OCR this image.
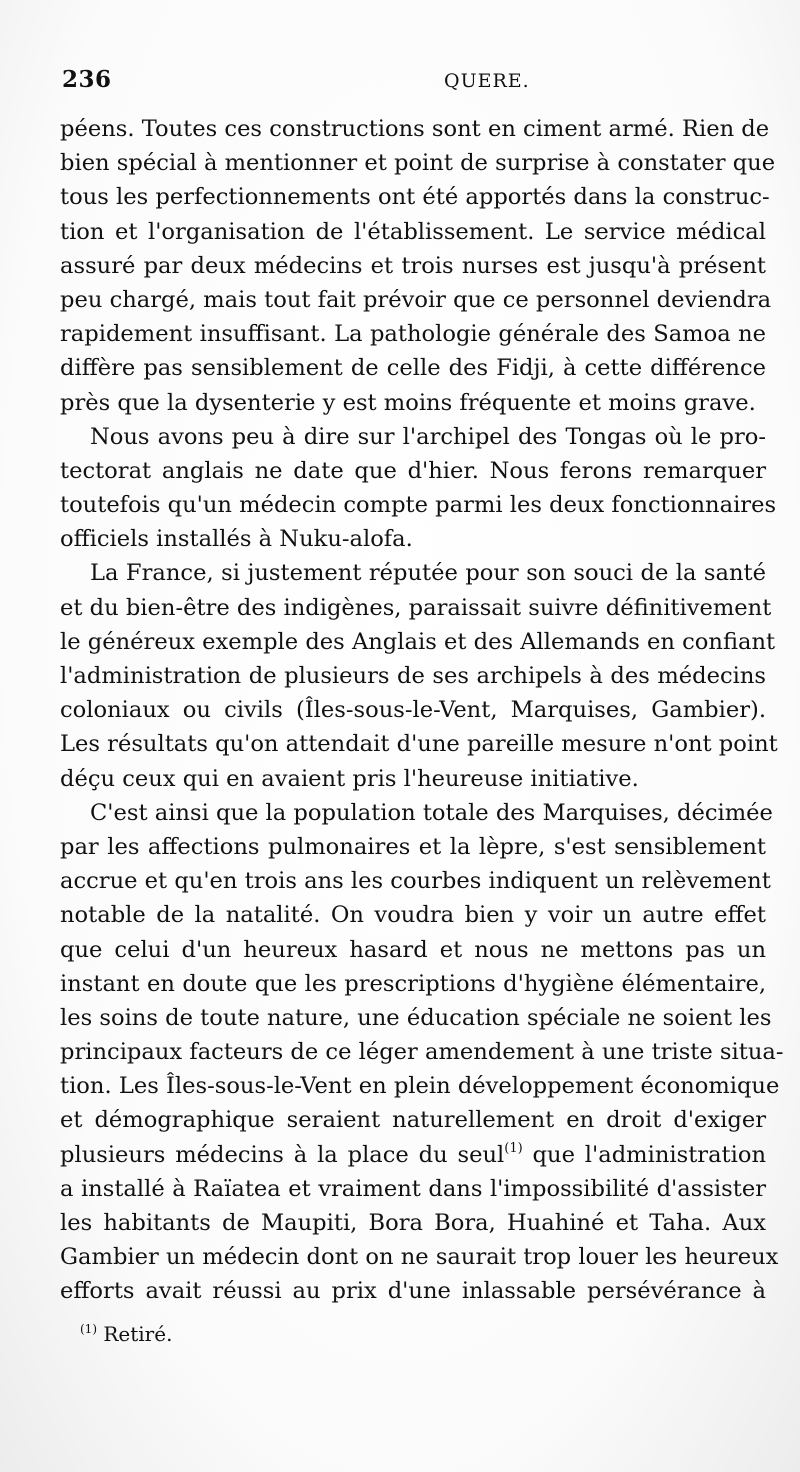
236	QUERE.
péens. Toutes ces constructions sont en ciment armé. Rien de
bien spécial à mentionner et point de surprise à constater que
tous les perfectionnements ont été apportés dans la construc-
tion et l'organisation de l'établissement. Le service médical
assuré par deux médecins et trois nurses est jusqu'à présent
peu chargé, mais tout fait prévoir que ce personnel deviendra
rapidement insuffisant. La pathologie générale des Samoa ne
diffère pas sensiblement de celle des Fidji, à cette différence
près que la dysenterie y est moins fréquente et moins grave.
Nous avons peu à dire sur l'archipel des Tongas où le pro-
tectorat anglais ne date que d'hier. Nous ferons remarquer
toutefois qu'un médecin compte parmi les deux fonctionnaires
officiels installés à Nuku-alofa.
La France, si justement réputée pour son souci de la santé
et du bien-être des indigènes, paraissait suivre définitivement
le généreux exemple des Anglais et des Allemands en confiant
l'administration de plusieurs de ses archipels à des médecins
coloniaux ou civils (Îles-sous-le-Vent, Marquises, Gambier).
Les résultats qu'on attendait d'une pareille mesure n'ont point
déçu ceux qui en avaient pris l'heureuse initiative.
C'est ainsi que la population totale des Marquises, décimée
par les affections pulmonaires et la lèpre, s'est sensiblement
accrue et qu'en trois ans les courbes indiquent un relèvement
notable de la natalité. On voudra bien y voir un autre effet
que celui d'un heureux hasard et nous ne mettons pas un
instant en doute que les prescriptions d'hygiène élémentaire,
les soins de toute nature, une éducation spéciale ne soient les
principaux facteurs de ce léger amendement à une triste situa-
tion. Les Îles-sous-le-Vent en plein développement économique
et démographique seraient naturellement en droit d'exiger
plusieurs médecins à la place du seul$^{(1)}$ que l'administration
a installé à Raïatea et vraiment dans l'impossibilité d'assister
les habitants de Maupiti, Bora Bora, Huahiné et Taha. Aux
Gambier un médecin dont on ne saurait trop louer les heureux
efforts avait réussi au prix d'une inlassable persévérance à
$^{(1)}$ Retiré.
